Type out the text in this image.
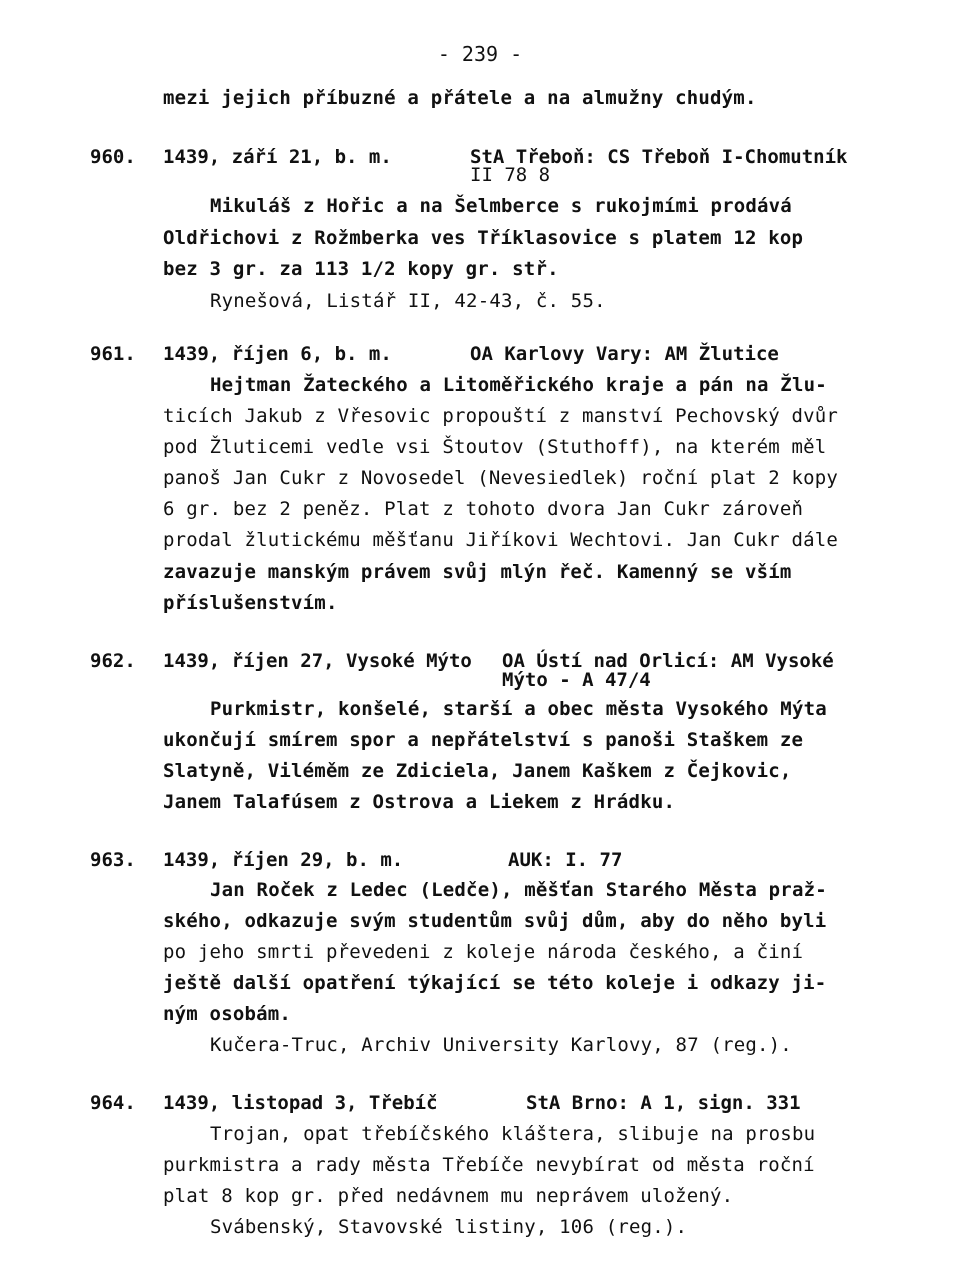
- 239 -
mezi jejich příbuzné a přátele a na almužny chudým.
960. 1439, září 21, b. m.	StA Třeboň: CS Třeboň I-Chomutník
II 78 8
Mikuláš z Hořic a na Šelmberce s rukojmími prodává
Oldřichovi z Rožmberka ves Tříklasovice s platem 12 kop
bez 3 gr. za 113 1/2 kopy gr. stř.
Rynešová, Listář II, 42-43, č. 55.
961. 1439, říjen 6, b. m.	OA Karlovy Vary: AM Žlutice
Hejtman Žateckého a Litoměřického kraje a pán na Žlu-
ticích Jakub z Vřesovic propouští z manství Pechovský dvůr
pod Žluticemi vedle vsi Štoutov (Stuthoff), na kterém měl
panoš Jan Cukr z Novosedel (Nevesiedlek) roční plat 2 kopy
6 gr. bez 2 peněz. Plat z tohoto dvora Jan Cukr zároveň
prodal žlutickému měšťanu Jiříkovi Wechtovi. Jan Cukr dále
zavazuje manským právem svůj mlýn řeč. Kamenný se vším
příslušenstvím.
962. 1439, říjen 27, Vysoké Mýto OA Ústí nad Orlicí: AM Vysoké
Mýto - A 47/4
Purkmistr, konšelé, starší a obec města Vysokého Mýta
ukončují smírem spor a nepřátelství s panoši Staškem ze
Slatyně, Viléměm ze Zdiciela, Janem Kaškem z Čejkovic,
Janem Talafúsem z Ostrova a Liekem z Hrádku.
963. 1439, říjen 29, b. m.	AUK: I. 77
Jan Roček z Ledec (Ledče), měšťan Starého Města praž-
ského, odkazuje svým studentům svůj dům, aby do něho byli
po jeho smrti převedeni z koleje národa českého, a činí
ještě další opatření týkající se této koleje i odkazy ji-
ným osobám.
Kučera-Truc, Archiv University Karlovy, 87 (reg.).
964. 1439, listopad 3, Třebíč	StA Brno: A 1, sign. 331
Trojan, opat třebíčského kláštera, slibuje na prosbu
purkmistra a rady města Třebíče nevybírat od města roční
plat 8 kop gr. před nedávnem mu neprávem uložený.
Svábenský, Stavovské listiny, 106 (reg.).
